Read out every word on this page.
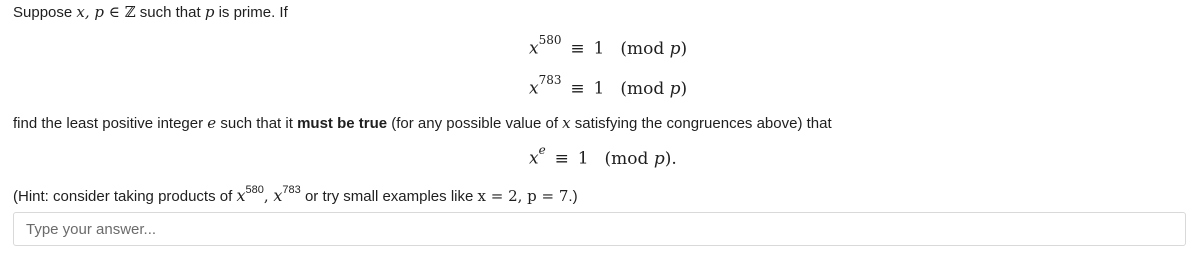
Suppose x, p ∈ ℤ such that p is prime. If
$x^{580} \equiv 1$ (mod p)
$x^{783} \equiv 1$ (mod p)
find the least positive integer e such that it must be true (for any possible value of x satisfying the congruences above) that
$x^e \equiv 1$ (mod p).
(Hint: consider taking products of $x^{580}$, $x^{783}$ or try small examples like x = 2, p = 7.)
Type your answer...
